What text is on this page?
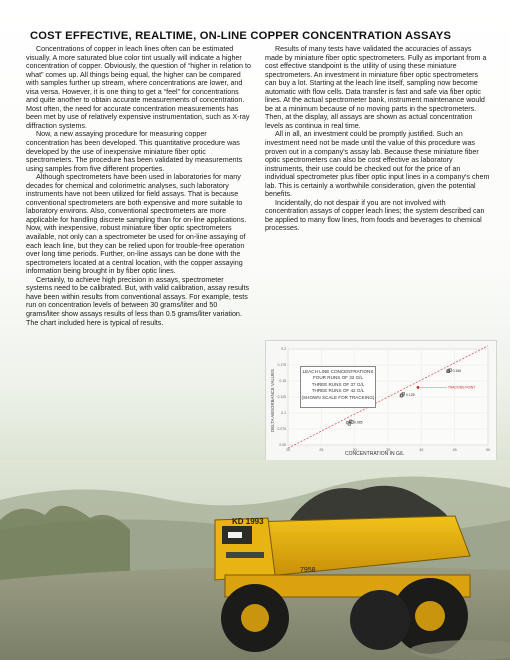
COST EFFECTIVE, REALTIME, ON-LINE COPPER CONCENTRATION ASSAYS

Concentrations of copper in leach lines often can be estimated visually. A more saturated blue color tint usually will indicate a higher concentration of copper. Obviously, the question of “higher in relation to what” comes up. All things being equal, the higher can be compared with samples further up stream, where concentrations are lower, and visa versa. However, it is one thing to get a “feel” for concentrations and quite another to obtain accurate measurements of concentration. Most often, the need for accurate concentration measurements has been met by use of relatively expensive instrumentation, such as X-ray diffraction systems.

Now, a new assaying procedure for measuring copper concentration has been developed. This quantitative procedure was developed by the use of inexpensive miniature fiber optic spectrometers. The procedure has been validated by measurements using samples from five different properties.

Although spectrometers have been used in laboratories for many decades for chemical and colorimetric analyses, such laboratory instruments have not been utilized for field assays. That is because conventional spectrometers are both expensive and more suitable to laboratory environs. Also, conventional spectrometers are more applicable for handling discrete sampling than for on-line applications. Now, with inexpensive, robust miniature fiber optic spectrometers available, not only can a spectrometer be used for on-line assaying of each leach line, but they can be relied upon for trouble-free operation over long time periods. Further, on-line assays can be done with the spectrometers located at a central location, with the copper assaying information being brought in by fiber optic lines.

Certainly, to achieve high precision in assays, spectrometer systems need to be calibrated. But, with valid calibration, assay results have been within results from conventional assays. For example, tests run on concentration levels of between 30 grams/liter and 50 grams/liter show assays results of less than 0.5 grams/liter variation. The chart included here is typical of results.

Results of many tests have validated the accuracies of assays made by miniature fiber optic spectrometers. Fully as important from a cost effective standpoint is the utility of using these miniature spectrometers. An investment in miniature fiber optic spectrometers can buy a lot. Starting at the leach line itself, sampling now become automatic with flow cells. Data transfer is fast and safe via fiber optic lines. At the actual spectrometer bank, instrument maintenance would be at a minimum because of no moving parts in the spectrometers. Then, at the display, all assays are shown as actual concentration levels as continua in real time.

All in all, an investment could be promptly justified. Such an investment need not be made until the value of this procedure was proven out in a company's assay lab. Because these miniature fiber optic spectrometers can also be cost effective as laboratory instruments, their use could be checked out for the price of an individual spectrometer plus fiber optic input lines in a company's chem lab. This is certainly a worthwhile consideration, given the potential benefits.

Incidentally, do not despair if you are not involved with concentration assays of copper leach lines; the system described can be applied to many flow lines, from foods and beverages to chemical processes.

20	25	30	35	40	45	50
0.05
0.075
0.1
0.125
0.15
0.175
0.2
0.085
0.128
0.166
TRACKING POINT
LEACH LINE CONCENTRATIONS
FOUR RUNS OF 32 G/L
THREE RUNS OF 37 G/L
THREE RUNS OF 42 G/L
(SHOWN SCALE FOR TRACKING)
DELTA ABSORBANCE VALUES
CONCENTRATION IN G/L
KD 1993
7958
